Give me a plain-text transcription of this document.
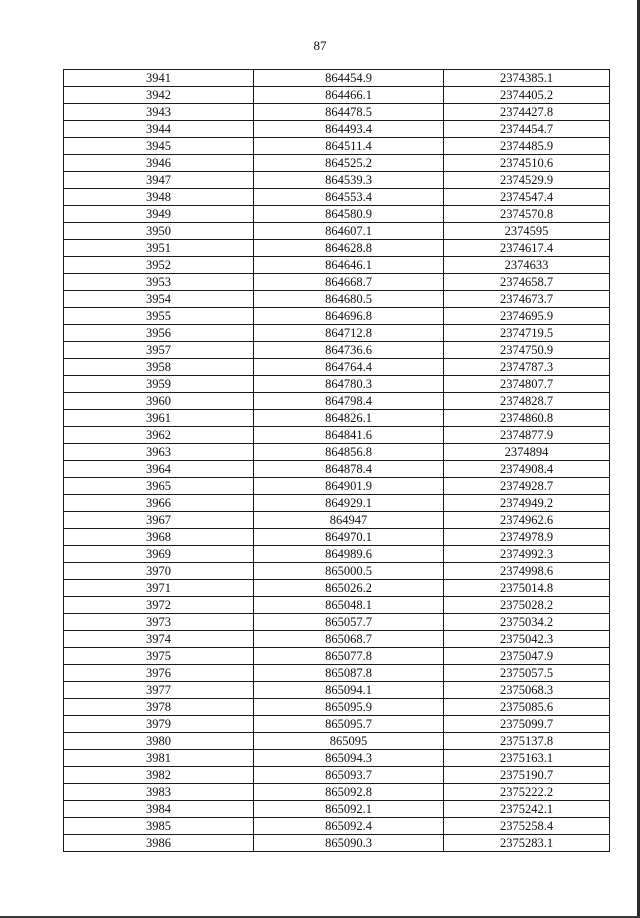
87
3941	864454.9	2374385.1
3942	864466.1	2374405.2
3943	864478.5	2374427.8
3944	864493.4	2374454.7
3945	864511.4	2374485.9
3946	864525.2	2374510.6
3947	864539.3	2374529.9
3948	864553.4	2374547.4
3949	864580.9	2374570.8
3950	864607.1	2374595
3951	864628.8	2374617.4
3952	864646.1	2374633
3953	864668.7	2374658.7
3954	864680.5	2374673.7
3955	864696.8	2374695.9
3956	864712.8	2374719.5
3957	864736.6	2374750.9
3958	864764.4	2374787.3
3959	864780.3	2374807.7
3960	864798.4	2374828.7
3961	864826.1	2374860.8
3962	864841.6	2374877.9
3963	864856.8	2374894
3964	864878.4	2374908.4
3965	864901.9	2374928.7
3966	864929.1	2374949.2
3967	864947	2374962.6
3968	864970.1	2374978.9
3969	864989.6	2374992.3
3970	865000.5	2374998.6
3971	865026.2	2375014.8
3972	865048.1	2375028.2
3973	865057.7	2375034.2
3974	865068.7	2375042.3
3975	865077.8	2375047.9
3976	865087.8	2375057.5
3977	865094.1	2375068.3
3978	865095.9	2375085.6
3979	865095.7	2375099.7
3980	865095	2375137.8
3981	865094.3	2375163.1
3982	865093.7	2375190.7
3983	865092.8	2375222.2
3984	865092.1	2375242.1
3985	865092.4	2375258.4
3986	865090.3	2375283.1
